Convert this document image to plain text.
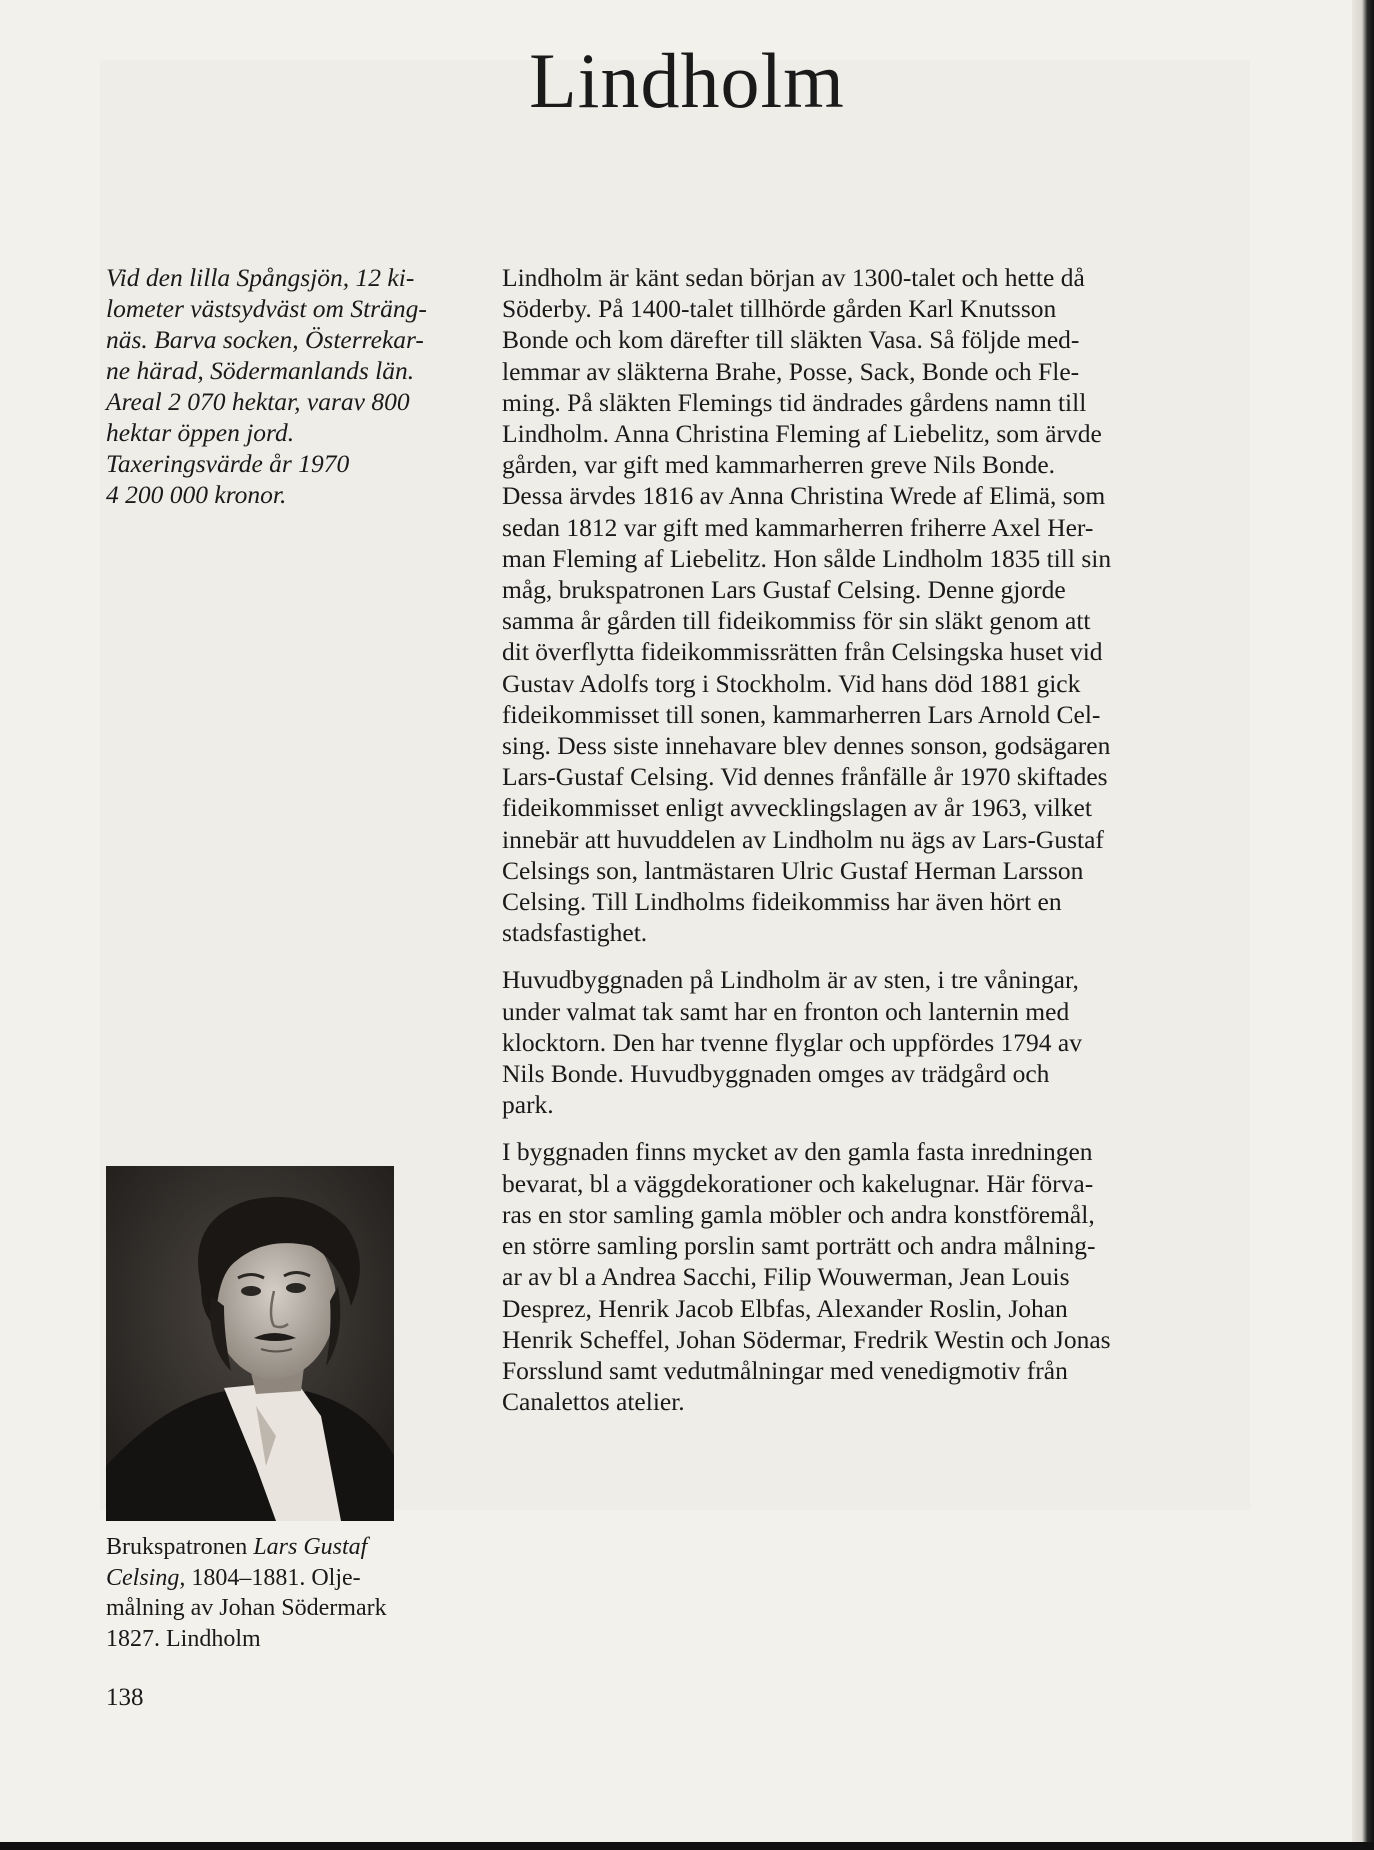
Lindholm
Vid den lilla Spångsjön, 12 ki-
lometer västsydväst om Sträng-
näs. Barva socken, Österrekar-
ne härad, Södermanlands län.
Areal 2 070 hektar, varav 800
hektar öppen jord.
Taxeringsvärde år 1970
4 200 000 kronor.

Lindholm är känt sedan början av 1300-talet och hette då
Söderby. På 1400-talet tillhörde gården Karl Knutsson
Bonde och kom därefter till släkten Vasa. Så följde med-
lemmar av släkterna Brahe, Posse, Sack, Bonde och Fle-
ming. På släkten Flemings tid ändrades gårdens namn till
Lindholm. Anna Christina Fleming af Liebelitz, som ärvde
gården, var gift med kammarherren greve Nils Bonde.
Dessa ärvdes 1816 av Anna Christina Wrede af Elimä, som
sedan 1812 var gift med kammarherren friherre Axel Her-
man Fleming af Liebelitz. Hon sålde Lindholm 1835 till sin
måg, brukspatronen Lars Gustaf Celsing. Denne gjorde
samma år gården till fideikommiss för sin släkt genom att
dit överflytta fideikommissrätten från Celsingska huset vid
Gustav Adolfs torg i Stockholm. Vid hans död 1881 gick
fideikommisset till sonen, kammarherren Lars Arnold Cel-
sing. Dess siste innehavare blev dennes sonson, godsägaren
Lars-Gustaf Celsing. Vid dennes frånfälle år 1970 skiftades
fideikommisset enligt avvecklingslagen av år 1963, vilket
innebär att huvuddelen av Lindholm nu ägs av Lars-Gustaf
Celsings son, lantmästaren Ulric Gustaf Herman Larsson
Celsing. Till Lindholms fideikommiss har även hört en
stadsfastighet.

Huvudbyggnaden på Lindholm är av sten, i tre våningar,
under valmat tak samt har en fronton och lanternin med
klocktorn. Den har tvenne flyglar och uppfördes 1794 av
Nils Bonde. Huvudbyggnaden omges av trädgård och
park.

I byggnaden finns mycket av den gamla fasta inredningen
bevarat, bl a väggdekorationer och kakelugnar. Här förva-
ras en stor samling gamla möbler och andra konstföremål,
en större samling porslin samt porträtt och andra målning-
ar av bl a Andrea Sacchi, Filip Wouwerman, Jean Louis
Desprez, Henrik Jacob Elbfas, Alexander Roslin, Johan
Henrik Scheffel, Johan Södermar, Fredrik Westin och Jonas
Forsslund samt vedutmålningar med venedigmotiv från
Canalettos atelier.

Brukspatronen Lars Gustaf
Celsing, 1804–1881. Olje-
målning av Johan Södermark
1827. Lindholm
138
